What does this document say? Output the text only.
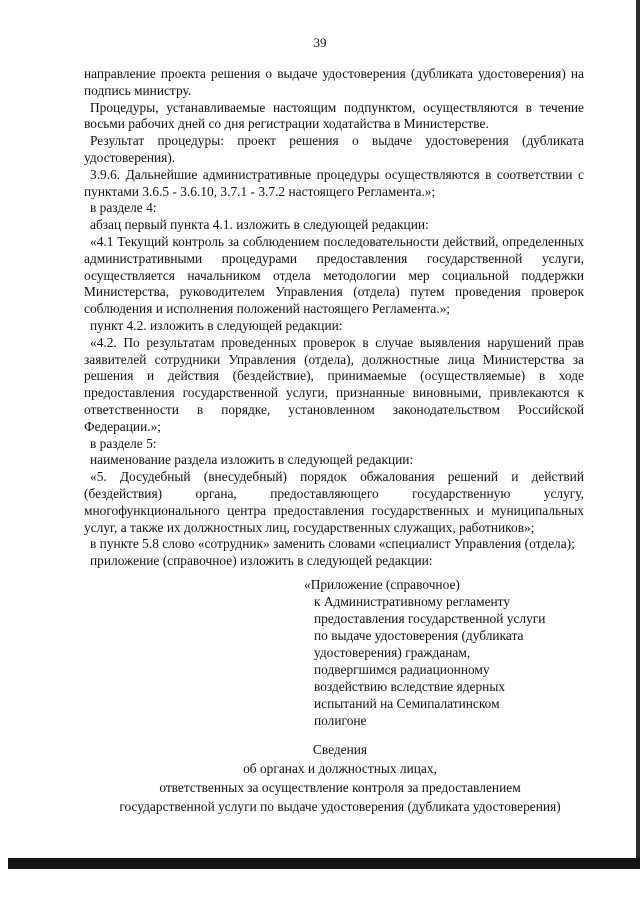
39

направление проекта решения о выдаче удостоверения (дубликата удостоверения) на подпись министру.

Процедуры, устанавливаемые настоящим подпунктом, осуществляются в течение восьми рабочих дней со дня регистрации ходатайства в Министерстве.

Результат процедуры: проект решения о выдаче удостоверения (дубликата удостоверения).

3.9.6. Дальнейшие административные процедуры осуществляются в соответствии с пунктами 3.6.5 - 3.6.10, 3.7.1 - 3.7.2 настоящего Регламента.»;

в разделе 4:

абзац первый пункта 4.1. изложить в следующей редакции:

«4.1 Текущий контроль за соблюдением последовательности действий, определенных административными процедурами предоставления государственной услуги, осуществляется начальником отдела методологии мер социальной поддержки Министерства, руководителем Управления (отдела) путем проведения проверок соблюдения и исполнения положений настоящего Регламента.»;

пункт 4.2. изложить в следующей редакции:

«4.2. По результатам проведенных проверок в случае выявления нарушений прав заявителей сотрудники Управления (отдела), должностные лица Министерства за решения и действия (бездействие), принимаемые (осуществляемые) в ходе предоставления государственной услуги, признанные виновными, привлекаются к ответственности в порядке, установленном законодательством Российской Федерации.»;

в разделе 5:

наименование раздела изложить в следующей редакции:

«5. Досудебный (внесудебный) порядок обжалования решений и действий (бездействия) органа, предоставляющего государственную услугу, многофункционального центра предоставления государственных и муниципальных услуг, а также их должностных лиц, государственных служащих, работников»;

в пункте 5.8 слово «сотрудник» заменить словами «специалист Управления (отдела);

приложение (справочное) изложить в следующей редакции:

«Приложение (справочное)

к Административному регламенту

предоставления государственной услуги

по выдаче удостоверения (дубликата

удостоверения) гражданам,

подвергшимся радиационному

воздействию вследствие ядерных

испытаний на Семипалатинском

полигоне

Сведения

об органах и должностных лицах,

ответственных за осуществление контроля за предоставлением

государственной услуги по выдаче удостоверения (дубликата удостоверения)
